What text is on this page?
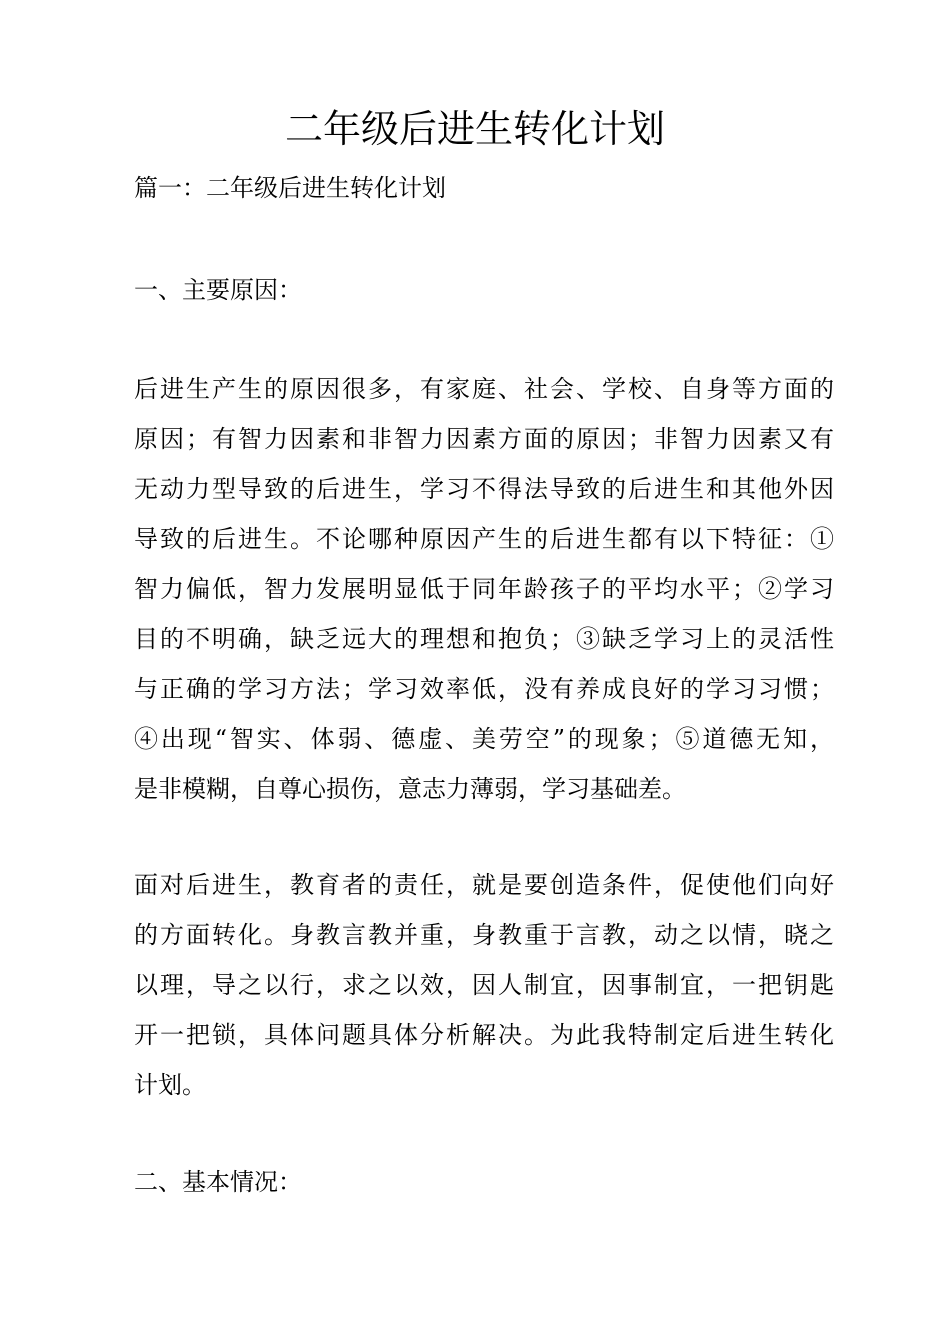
二年级后进生转化计划

篇一：二年级后进生转化计划

一、主要原因：

后进生产生的原因很多，有家庭、社会、学校、自身等方面的
原因；有智力因素和非智力因素方面的原因；非智力因素又有
无动力型导致的后进生，学习不得法导致的后进生和其他外因
导致的后进生。不论哪种原因产生的后进生都有以下特征：①
智力偏低，智力发展明显低于同年龄孩子的平均水平；②学习
目的不明确，缺乏远大的理想和抱负；③缺乏学习上的灵活性
与正确的学习方法；学习效率低，没有养成良好的学习习惯；
④出现“智实、体弱、德虚、美劳空”的现象；⑤道德无知，
是非模糊，自尊心损伤，意志力薄弱，学习基础差。
面对后进生，教育者的责任，就是要创造条件，促使他们向好
的方面转化。身教言教并重，身教重于言教，动之以情，晓之
以理，导之以行，求之以效，因人制宜，因事制宜，一把钥匙
开一把锁，具体问题具体分析解决。为此我特制定后进生转化
计划。

二、基本情况：
